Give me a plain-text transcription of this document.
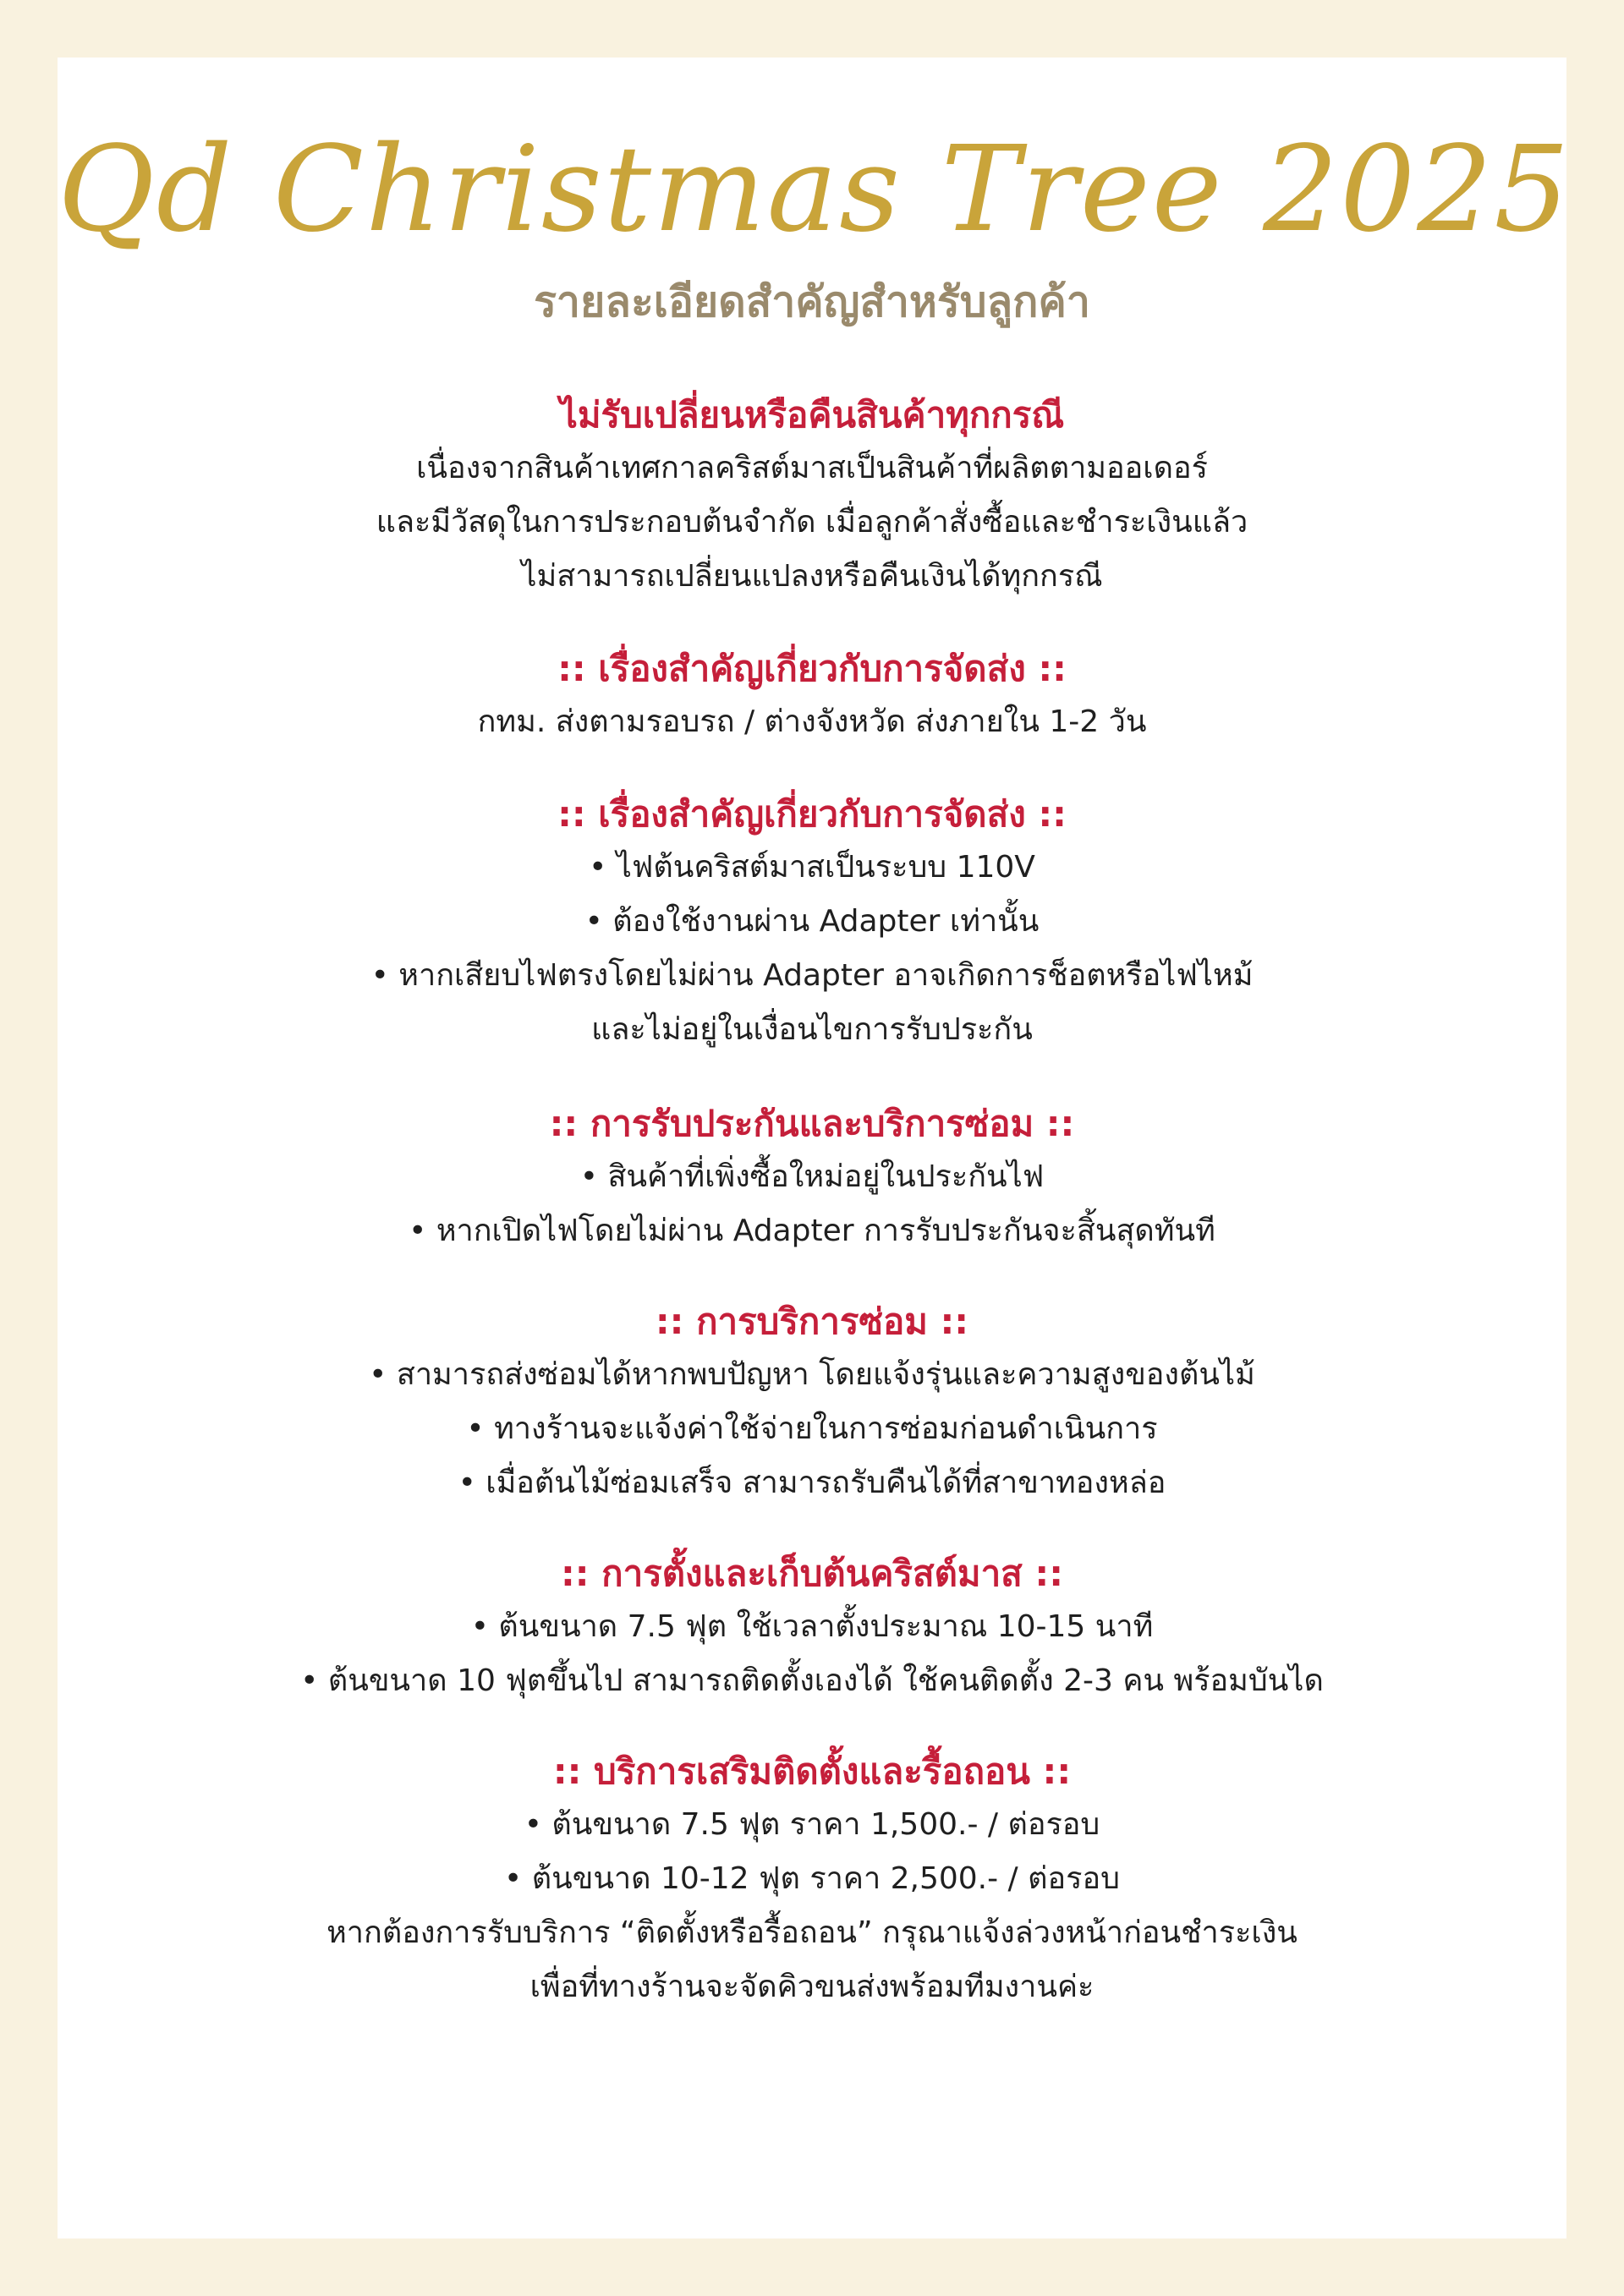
Qd Christmas Tree 2025
รายละเอียดสำคัญสำหรับลูกค้า
ไม่รับเปลี่ยนหรือคืนสินค้าทุกกรณี

เนื่องจากสินค้าเทศกาลคริสต์มาสเป็นสินค้าที่ผลิตตามออเดอร์

และมีวัสดุในการประกอบต้นจำกัด เมื่อลูกค้าสั่งซื้อและชำระเงินแล้ว

ไม่สามารถเปลี่ยนแปลงหรือคืนเงินได้ทุกกรณี

:: เรื่องสำคัญเกี่ยวกับการจัดส่ง ::

กทม. ส่งตามรอบรถ / ต่างจังหวัด ส่งภายใน 1-2 วัน

:: เรื่องสำคัญเกี่ยวกับการจัดส่ง ::

• ไฟต้นคริสต์มาสเป็นระบบ 110V

• ต้องใช้งานผ่าน Adapter เท่านั้น

• หากเสียบไฟตรงโดยไม่ผ่าน Adapter อาจเกิดการช็อตหรือไฟไหม้

และไม่อยู่ในเงื่อนไขการรับประกัน

:: การรับประกันและบริการซ่อม ::

• สินค้าที่เพิ่งซื้อใหม่อยู่ในประกันไฟ

• หากเปิดไฟโดยไม่ผ่าน Adapter การรับประกันจะสิ้นสุดทันที

:: การบริการซ่อม ::

• สามารถส่งซ่อมได้หากพบปัญหา โดยแจ้งรุ่นและความสูงของต้นไม้

• ทางร้านจะแจ้งค่าใช้จ่ายในการซ่อมก่อนดำเนินการ

• เมื่อต้นไม้ซ่อมเสร็จ สามารถรับคืนได้ที่สาขาทองหล่อ

:: การตั้งและเก็บต้นคริสต์มาส ::

• ต้นขนาด 7.5 ฟุต ใช้เวลาตั้งประมาณ 10-15 นาที

• ต้นขนาด 10 ฟุตขึ้นไป สามารถติดตั้งเองได้ ใช้คนติดตั้ง 2-3 คน พร้อมบันได

:: บริการเสริมติดตั้งและรื้อถอน ::

• ต้นขนาด 7.5 ฟุต ราคา 1,500.- / ต่อรอบ

• ต้นขนาด 10-12 ฟุต ราคา 2,500.- / ต่อรอบ

หากต้องการรับบริการ “ติดตั้งหรือรื้อถอน” กรุณาแจ้งล่วงหน้าก่อนชำระเงิน

เพื่อที่ทางร้านจะจัดคิวขนส่งพร้อมทีมงานค่ะ
